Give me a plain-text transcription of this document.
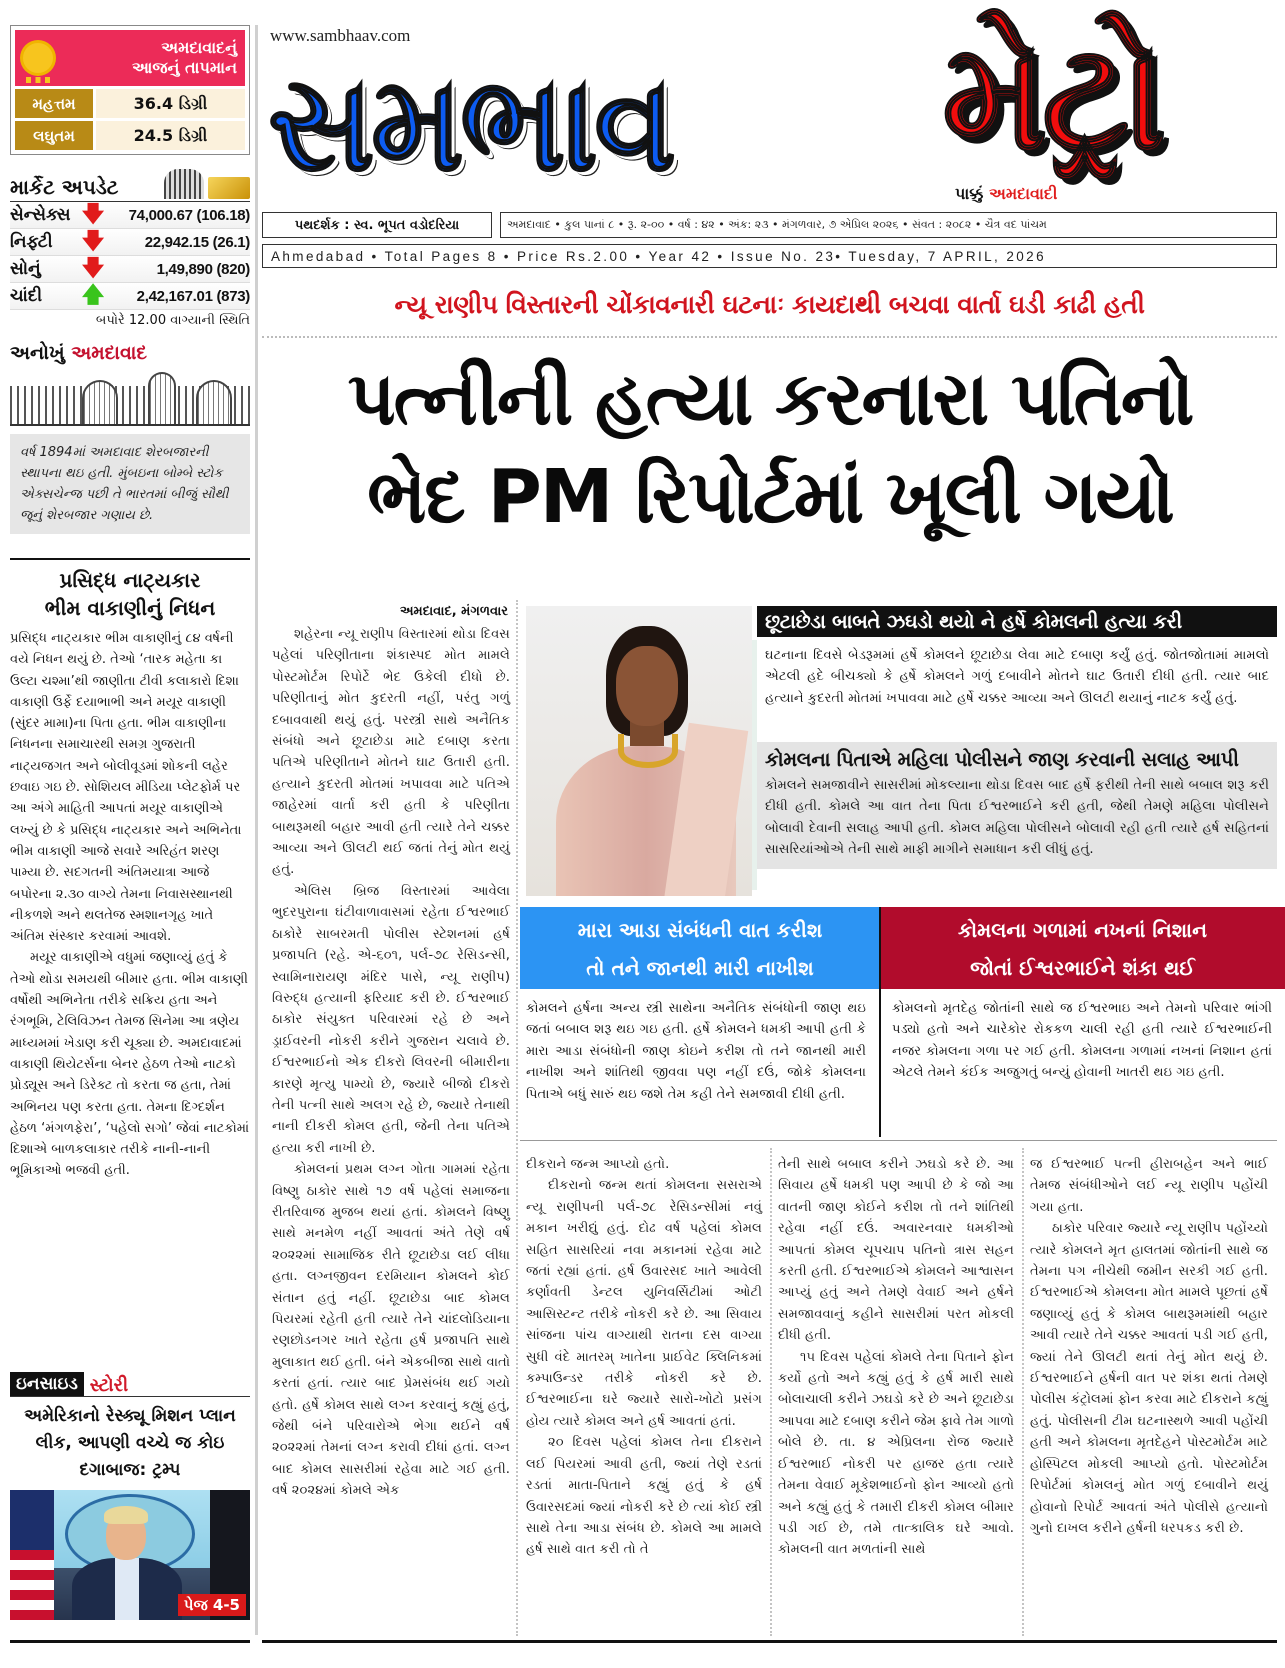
અમદાવાદનું
આજનું તાપમાન
મહત્તમ	36.4 ડિગ્રી
લઘુતમ	24.5 ડિગ્રી
માર્કેટ અપડેટ
સેન્સેક્સ 🡇	74,000.67 (106.18)
નિફ્ટી	🡇	22,942.15 (26.1)
સોનું	🡇	1,49,890 (820)
ચાંદી	🡅	2,42,167.01 (873)
બપોરે 12.00 વાગ્યાની સ્થિતિ
અનોખું અમદાવાદ
વર્ષ 1894માં અમદાવાદ શેરબજારની સ્થાપના થઇ હતી. મુંબઇના બોમ્બે સ્ટોક એક્સચેન્જ પછી તે ભારતમાં બીજું સૌથી જૂનું શેરબજાર ગણાય છે.
પ્રસિદ્ધ નાટ્યકાર
ભીમ વાકાણીનું નિધન

પ્રસિદ્ધ નાટ્યકાર ભીમ વાકાણીનું ૮૪ વર્ષની વયે નિધન થયું છે. તેઓ ‘તારક મહેતા કા ઉલ્ટા ચશ્મા’થી જાણીતા ટીવી કલાકારો દિશા વાકાણી ઉર્ફે દયાભાભી અને મયૂર વાકાણી (સુંદર મામા)ના પિતા હતા. ભીમ વાકાણીના નિધનના સમાચારથી સમગ્ર ગુજરાતી નાટ્યજગત અને બોલીવૂડમાં શોકની લહેર છવાઇ ગઇ છે. સોશિયલ મીડિયા પ્લેટફોર્મ પર આ અંગે માહિતી આપતાં મયૂર વાકાણીએ લખ્યું છે કે પ્રસિદ્ધ નાટ્યકાર અને અભિનેતા ભીમ વાકાણી આજે સવારે અરિહંત શરણ પામ્યા છે. સદગતની અંતિમયાત્રા આજે બપોરના ૨.૩૦ વાગ્યે તેમના નિવાસસ્થાનથી નીકળશે અને થલતેજ સ્મશાનગૃહ ખાતે અંતિમ સંસ્કાર કરવામાં આવશે.

મયૂર વાકાણીએ વધુમાં જણાવ્યું હતું કે તેઓ થોડા સમયથી બીમાર હતા. ભીમ વાકાણી વર્ષોથી અભિનેતા તરીકે સક્રિય હતા અને રંગભૂમિ, ટેલિવિઝન તેમજ સિનેમા આ ત્રણેય માધ્યમમાં ખેડાણ કરી ચૂક્યા છે. અમદાવાદમાં વાકાણી થિયેટર્સના બેનર હેઠળ તેઓ નાટકો પ્રોડ્યૂસ અને ડિરેક્ટ તો કરતા જ હતા, તેમાં અભિનય પણ કરતા હતા. તેમના દિગ્દર્શન હેઠળ ‘મંગળફેરા’, ‘પહેલો સગો’ જેવાં નાટકોમાં દિશાએ બાળકલાકાર તરીકે નાની-નાની ભૂમિકાઓ ભજવી હતી.

ઇનસાઇડ સ્ટોરી
અમેરિકાનો રેસ્ક્યૂ મિશન પ્લાન લીક, આપણી વચ્ચે જ કોઇ દગાબાજ: ટ્રમ્પ
પેજ 4-5
www.sambhaav.com
સમભાવ મેટ્રો
પાક્કું અમદાવાદી
પથદર્શક : સ્વ. ભૂપત વડોદરિયા	અમદાવાદ • કુલ પાનાં ૮ • રૂ. ૨-૦૦ • વર્ષ : ૪૨ • અંક: ૨૩ • મંગળવાર, ૭ એપ્રિલ ૨૦૨૬ • સંવત : ૨૦૮૨ • ચૈત્ર વદ પાંચમ
Ahmedabad • Total Pages 8 • Price Rs.2.00 • Year 42 • Issue No. 23• Tuesday, 7 APRIL, 2026
ન્યૂ રાણીપ વિસ્તારની ચોંકાવનારી ઘટનાઃ કાયદાથી બચવા વાર્તા ઘડી કાઢી હતી
પત્નીની હત્યા કરનારા પતિનો
ભેદ PM રિપોર્ટમાં ખૂલી ગયો
અમદાવાદ, મંગળવાર

શહેરના ન્યૂ રાણીપ વિસ્તારમાં થોડા દિવસ પહેલાં પરિણીતાના શંકાસ્પદ મોત મામલે પોસ્ટમોર્ટમ રિપોર્ટે ભેદ ઉકેલી દીધો છે. પરિણીતાનું મોત કુદરતી નહીં, પરંતુ ગળું દબાવવાથી થયું હતું. પરસ્ત્રી સાથે અનૈતિક સંબંધો અને છૂટાછેડા માટે દબાણ કરતા પતિએ પરિણીતાને મોતને ઘાટ ઉતારી હતી. હત્યાને કુદરતી મોતમાં ખપાવવા માટે પતિએ જાહેરમાં વાર્તા કરી હતી કે પરિણીતા બાથરૂમથી બહાર આવી હતી ત્યારે તેને ચક્કર આવ્યા અને ઊલટી થઈ જતાં તેનું મોત થયું હતું.

એલિસ બ્રિજ વિસ્તારમાં આવેલા ભુદરપુરાના ઘંટીવાળાવાસમાં રહેતા ઈશ્વરભાઈ ઠાકોરે સાબરમતી પોલીસ સ્ટેશનમાં હર્ષ પ્રજાપતિ (રહે. એ-૬૦૧, પર્લ-૭૮ રેસિડન્સી, સ્વામિનારાયણ મંદિર પાસે, ન્યૂ રાણીપ) વિરુદ્ધ હત્યાની ફરિયાદ કરી છે. ઈશ્વરભાઈ ઠાકોર સંયુક્ત પરિવારમાં રહે છે અને ડ્રાઈવરની નોકરી કરીને ગુજરાન ચલાવે છે. ઈશ્વરભાઈનો એક દીકરો લિવરની બીમારીના કારણે મૃત્યુ પામ્યો છે, જ્યારે બીજો દીકરો તેની પત્ની સાથે અલગ રહે છે, જ્યારે તેનાથી નાની દીકરી કોમલ હતી, જેની તેના પતિએ હત્યા કરી નાખી છે.

કોમલનાં પ્રથમ લગ્ન ગોતા ગામમાં રહેતા વિષ્ણુ ઠાકોર સાથે ૧૭ વર્ષ પહેલાં સમાજના રીતરિવાજ મુજબ થયાં હતાં. કોમલને વિષ્ણુ સાથે મનમેળ નહીં આવતાં અંતે તેણે વર્ષ ૨૦૨૨માં સામાજિક રીતે છૂટાછેડા લઈ લીધા હતા. લગ્નજીવન દરમિયાન કોમલને કોઈ સંતાન હતું નહીં. છૂટાછેડા બાદ કોમલ પિયરમાં રહેતી હતી ત્યારે તેને ચાંદલોડિયાના રણછોડનગર ખાતે રહેતા હર્ષ પ્રજાપતિ સાથે મુલાકાત થઈ હતી. બંને એકબીજા સાથે વાતો કરતાં હતાં. ત્યાર બાદ પ્રેમસંબંધ થઈ ગયો હતો. હર્ષે કોમલ સાથે લગ્ન કરવાનું કહ્યું હતું, જેથી બંને પરિવારોએ ભેગા થઈને વર્ષ ૨૦૨૨માં તેમનાં લગ્ન કરાવી દીધાં હતાં. લગ્ન બાદ કોમલ સાસરીમાં રહેવા માટે ગઈ હતી. વર્ષ ૨૦૨૪માં કોમલે એક

છૂટાછેડા બાબતે ઝઘડો થયો ને હર્ષે કોમલની હત્યા કરી
ઘટનાના દિવસે બેડરૂમમાં હર્ષે કોમલને છૂટાછેડા લેવા માટે દબાણ કર્યું હતું. જોતજોતામાં મામલો એટલી હદે બીચક્યો કે હર્ષે કોમલને ગળું દબાવીને મોતને ઘાટ ઉતારી દીધી હતી. ત્યાર બાદ હત્યાને કુદરતી મોતમાં ખપાવવા માટે હર્ષે ચક્કર આવ્યા અને ઊલટી થયાનું નાટક કર્યું હતું.
કોમલના પિતાએ મહિલા પોલીસને જાણ કરવાની સલાહ આપી
કોમલને સમજાવીને સાસરીમાં મોકલ્યાના થોડા દિવસ બાદ હર્ષે ફરીથી તેની સાથે બબાલ શરૂ કરી દીધી હતી. કોમલે આ વાત તેના પિતા ઈશ્વરભાઈને કરી હતી, જેથી તેમણે મહિલા પોલીસને બોલાવી દેવાની સલાહ આપી હતી. કોમલ મહિલા પોલીસને બોલાવી રહી હતી ત્યારે હર્ષ સહિતનાં સાસરિયાંઓએ તેની સાથે માફી માગીને સમાધાન કરી લીધું હતું.
મારા આડા સંબંધની વાત કરીશ
તો તને જાનથી મારી નાખીશ
કોમલના ગળામાં નખનાં નિશાન
જોતાં ઈશ્વરભાઈને શંકા થઈ
કોમલને હર્ષના અન્ય સ્ત્રી સાથેના અનૈતિક સંબંધોની જાણ થઇ જતાં બબાલ શરૂ થઇ ગઇ હતી. હર્ષે કોમલને ધમકી આપી હતી કે મારા આડા સંબંધોની જાણ કોઇને કરીશ તો તને જાનથી મારી નાખીશ અને શાંતિથી જીવવા પણ નહીં દઉં, જોકે કોમલના પિતાએ બધું સારું થઇ જશે તેમ કહી તેને સમજાવી દીધી હતી.
કોમલનો મૃતદેહ જોતાંની સાથે જ ઈશ્વરભાઇ અને તેમનો પરિવાર ભાંગી પડ્યો હતો અને ચારેકોર રોકકળ ચાલી રહી હતી ત્યારે ઈશ્વરભાઈની નજર કોમલના ગળા પર ગઈ હતી. કોમલના ગળામાં નખનાં નિશાન હતાં એટલે તેમને કંઈક અજુગતું બન્યું હોવાની ખાતરી થઇ ગઇ હતી.

દીકરાને જન્મ આપ્યો હતો.

દીકરાનો જન્મ થતાં કોમલના સસરાએ ન્યૂ રાણીપની પર્લ-૭૮ રેસિડન્સીમાં નવું મકાન ખરીદ્યું હતું. દોઢ વર્ષ પહેલાં કોમલ સહિત સાસરિયાં નવા મકાનમાં રહેવા માટે જતાં રહ્યાં હતાં. હર્ષ ઉવારસદ ખાતે આવેલી કર્ણાવતી ડેન્ટલ યુનિવર્સિટીમાં ઓટી આસિસ્ટન્ટ તરીકે નોકરી કરે છે. આ સિવાય સાંજના પાંચ વાગ્યાથી રાતના દસ વાગ્યા સુધી વંદે માતરમ્ ખાતેના પ્રાઈવેટ ક્લિનિકમાં કમ્પાઉન્ડર તરીકે નોકરી કરે છે. ઈશ્વરભાઈના ઘરે જ્યારે સારો-ખોટો પ્રસંગ હોય ત્યારે કોમલ અને હર્ષ આવતાં હતાં.

૨૦ દિવસ પહેલાં કોમલ તેના દીકરાને લઈ પિયરમાં આવી હતી, જ્યાં તેણે રડતાં રડતાં માતા-પિતાને કહ્યું હતું કે હર્ષ ઉવારસદમાં જ્યાં નોકરી કરે છે ત્યાં કોઈ સ્ત્રી સાથે તેના આડા સંબંધ છે. કોમલે આ મામલે હર્ષ સાથે વાત કરી તો તે

તેની સાથે બબાલ કરીને ઝઘડો કરે છે. આ સિવાય હર્ષે ધમકી પણ આપી છે કે જો આ વાતની જાણ કોઈને કરીશ તો તને શાંતિથી રહેવા નહીં દઉં. અવારનવાર ધમકીઓ આપતાં કોમલ ચૂપચાપ પતિનો ત્રાસ સહન કરતી હતી. ઈશ્વરભાઈએ કોમલને આશ્વાસન આપ્યું હતું અને તેમણે વેવાઈ અને હર્ષને સમજાવવાનું કહીને સાસરીમાં પરત મોકલી દીધી હતી.

૧૫ દિવસ પહેલાં કોમલે તેના પિતાને ફોન કર્યો હતો અને કહ્યું હતું કે હર્ષ મારી સાથે બોલાચાલી કરીને ઝઘડો કરે છે અને છૂટાછેડા આપવા માટે દબાણ કરીને જેમ ફાવે તેમ ગાળો બોલે છે. તા. ૪ એપ્રિલના રોજ જ્યારે ઈશ્વરભાઈ નોકરી પર હાજર હતા ત્યારે તેમના વેવાઈ મૂકેશભાઈનો ફોન આવ્યો હતો અને કહ્યું હતું કે તમારી દીકરી કોમલ બીમાર પડી ગઈ છે, તમે તાત્કાલિક ઘરે આવો. કોમલની વાત મળતાંની સાથે

જ ઈશ્વરભાઈ પત્ની હીરાબહેન અને ભાઈ તેમજ સંબંધીઓને લઈ ન્યૂ રાણીપ પહોંચી ગયા હતા.

ઠાકોર પરિવાર જ્યારે ન્યૂ રાણીપ પહોંચ્યો ત્યારે કોમલને મૃત હાલતમાં જોતાંની સાથે જ તેમના પગ નીચેથી જમીન સરકી ગઈ હતી. ઈશ્વરભાઈએ કોમલના મોત મામલે પૂછતાં હર્ષે જણાવ્યું હતું કે કોમલ બાથરૂમમાંથી બહાર આવી ત્યારે તેને ચક્કર આવતાં પડી ગઈ હતી, જ્યાં તેને ઊલટી થતાં તેનું મોત થયું છે. ઈશ્વરભાઈને હર્ષની વાત પર શંકા થતાં તેમણે પોલીસ કંટ્રોલમાં ફોન કરવા માટે દીકરાને કહ્યું હતું. પોલીસની ટીમ ઘટનાસ્થળે આવી પહોંચી હતી અને કોમલના મૃતદેહને પોસ્ટમોર્ટમ માટે હોસ્પિટલ મોકલી આપ્યો હતો. પોસ્ટમોર્ટમ રિપોર્ટમાં કોમલનું મોત ગળું દબાવીને થયું હોવાનો રિપોર્ટ આવતાં અંતે પોલીસે હત્યાનો ગુનો દાખલ કરીને હર્ષની ધરપકડ કરી છે.
